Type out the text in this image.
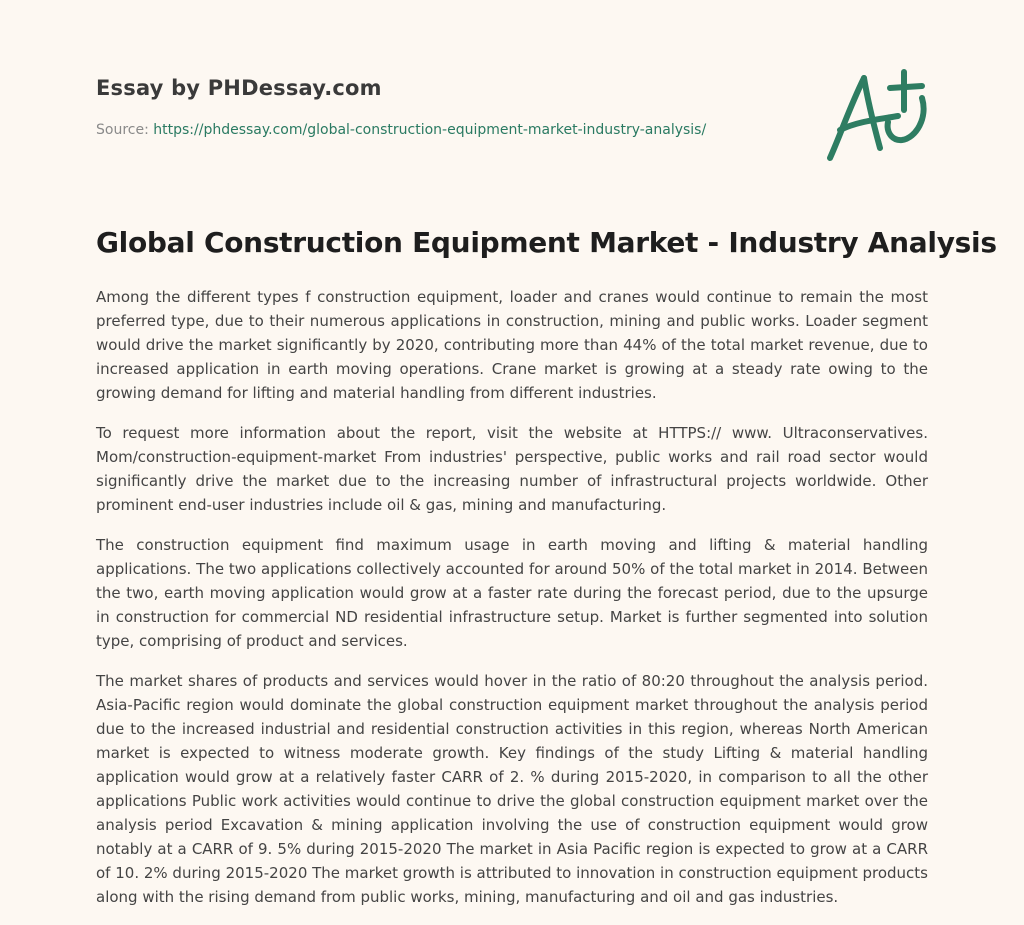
Essay by PHDessay.com
Source: https://phdessay.com/global-construction-equipment-market-industry-analysis/
Global Construction Equipment Market - Industry Analysis

Among the different types f construction equipment, loader and cranes would continue to remain the most preferred type, due to their numerous applications in construction, mining and public works. Loader segment would drive the market significantly by 2020, contributing more than 44% of the total market revenue, due to increased application in earth moving operations. Crane market is growing at a steady rate owing to the growing demand for lifting and material handling from different industries.

To request more information about the report, visit the website at HTTPS:// www. Ultraconservatives. Mom/construction-equipment-market From industries' perspective, public works and rail road sector would significantly drive the market due to the increasing number of infrastructural projects worldwide. Other prominent end-user industries include oil & gas, mining and manufacturing.

The construction equipment find maximum usage in earth moving and lifting & material handling applications. The two applications collectively accounted for around 50% of the total market in 2014. Between the two, earth moving application would grow at a faster rate during the forecast period, due to the upsurge in construction for commercial ND residential infrastructure setup. Market is further segmented into solution type, comprising of product and services.

The market shares of products and services would hover in the ratio of 80:20 throughout the analysis period. Asia-Pacific region would dominate the global construction equipment market throughout the analysis period due to the increased industrial and residential construction activities in this region, whereas North American market is expected to witness moderate growth. Key findings of the study Lifting & material handling application would grow at a relatively faster CARR of 2. % during 2015-2020, in comparison to all the other applications Public work activities would continue to drive the global construction equipment market over the analysis period Excavation & mining application involving the use of construction equipment would grow notably at a CARR of 9. 5% during 2015-2020 The market in Asia Pacific region is expected to grow at a CARR of 10. 2% during 2015-2020 The market growth is attributed to innovation in construction equipment products along with the rising demand from public works, mining, manufacturing and oil and gas industries.
